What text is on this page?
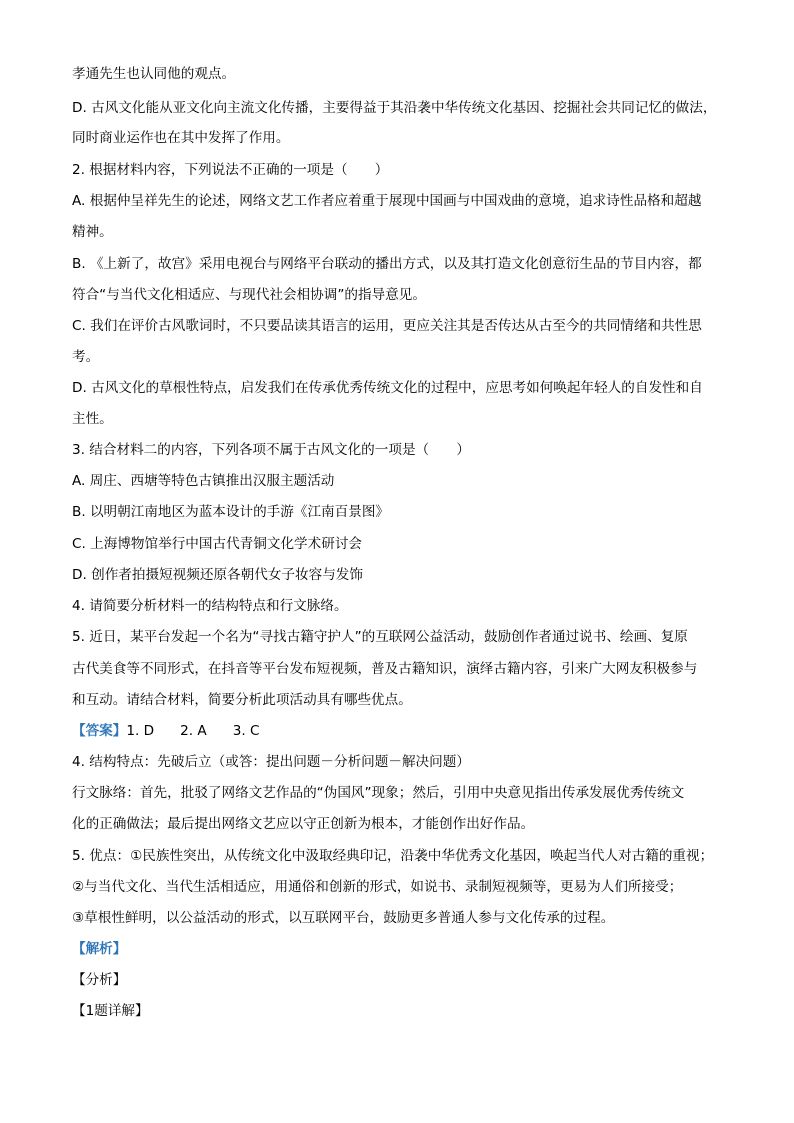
孝通先生也认同他的观点。
D. 古风文化能从亚文化向主流文化传播，主要得益于其沿袭中华传统文化基因、挖掘社会共同记忆的做法，
同时商业运作也在其中发挥了作用。
2. 根据材料内容，下列说法不正确的一项是（　　）
A. 根据仲呈祥先生的论述，网络文艺工作者应着重于展现中国画与中国戏曲的意境，追求诗性品格和超越
精神。
B. 《上新了，故宫》采用电视台与网络平台联动的播出方式，以及其打造文化创意衍生品的节目内容，都
符合“与当代文化相适应、与现代社会相协调”的指导意见。
C. 我们在评价古风歌词时，不只要品读其语言的运用，更应关注其是否传达从古至今的共同情绪和共性思
考。
D. 古风文化的草根性特点，启发我们在传承优秀传统文化的过程中，应思考如何唤起年轻人的自发性和自
主性。
3. 结合材料二的内容，下列各项不属于古风文化的一项是（　　）
A. 周庄、西塘等特色古镇推出汉服主题活动
B. 以明朝江南地区为蓝本设计的手游《江南百景图》
C. 上海博物馆举行中国古代青铜文化学术研讨会
D. 创作者拍摄短视频还原各朝代女子妆容与发饰
4. 请简要分析材料一的结构特点和行文脉络。
5. 近日，某平台发起一个名为“寻找古籍守护人”的互联网公益活动，鼓励创作者通过说书、绘画、复原
古代美食等不同形式，在抖音等平台发布短视频，普及古籍知识，演绎古籍内容，引来广大网友积极参与
和互动。请结合材料，简要分析此项活动具有哪些优点。
【答案】1. D 2. A 3. C
4. 结构特点：先破后立（或答：提出问题－分析问题－解决问题）
行文脉络：首先，批驳了网络文艺作品的“伪国风”现象；然后，引用中央意见指出传承发展优秀传统文
化的正确做法；最后提出网络文艺应以守正创新为根本，才能创作出好作品。
5. 优点：①民族性突出，从传统文化中汲取经典印记，沿袭中华优秀文化基因，唤起当代人对古籍的重视；
②与当代文化、当代生活相适应，用通俗和创新的形式，如说书、录制短视频等，更易为人们所接受；
③草根性鲜明，以公益活动的形式，以互联网平台，鼓励更多普通人参与文化传承的过程。
【解析】
【分析】
【1题详解】
